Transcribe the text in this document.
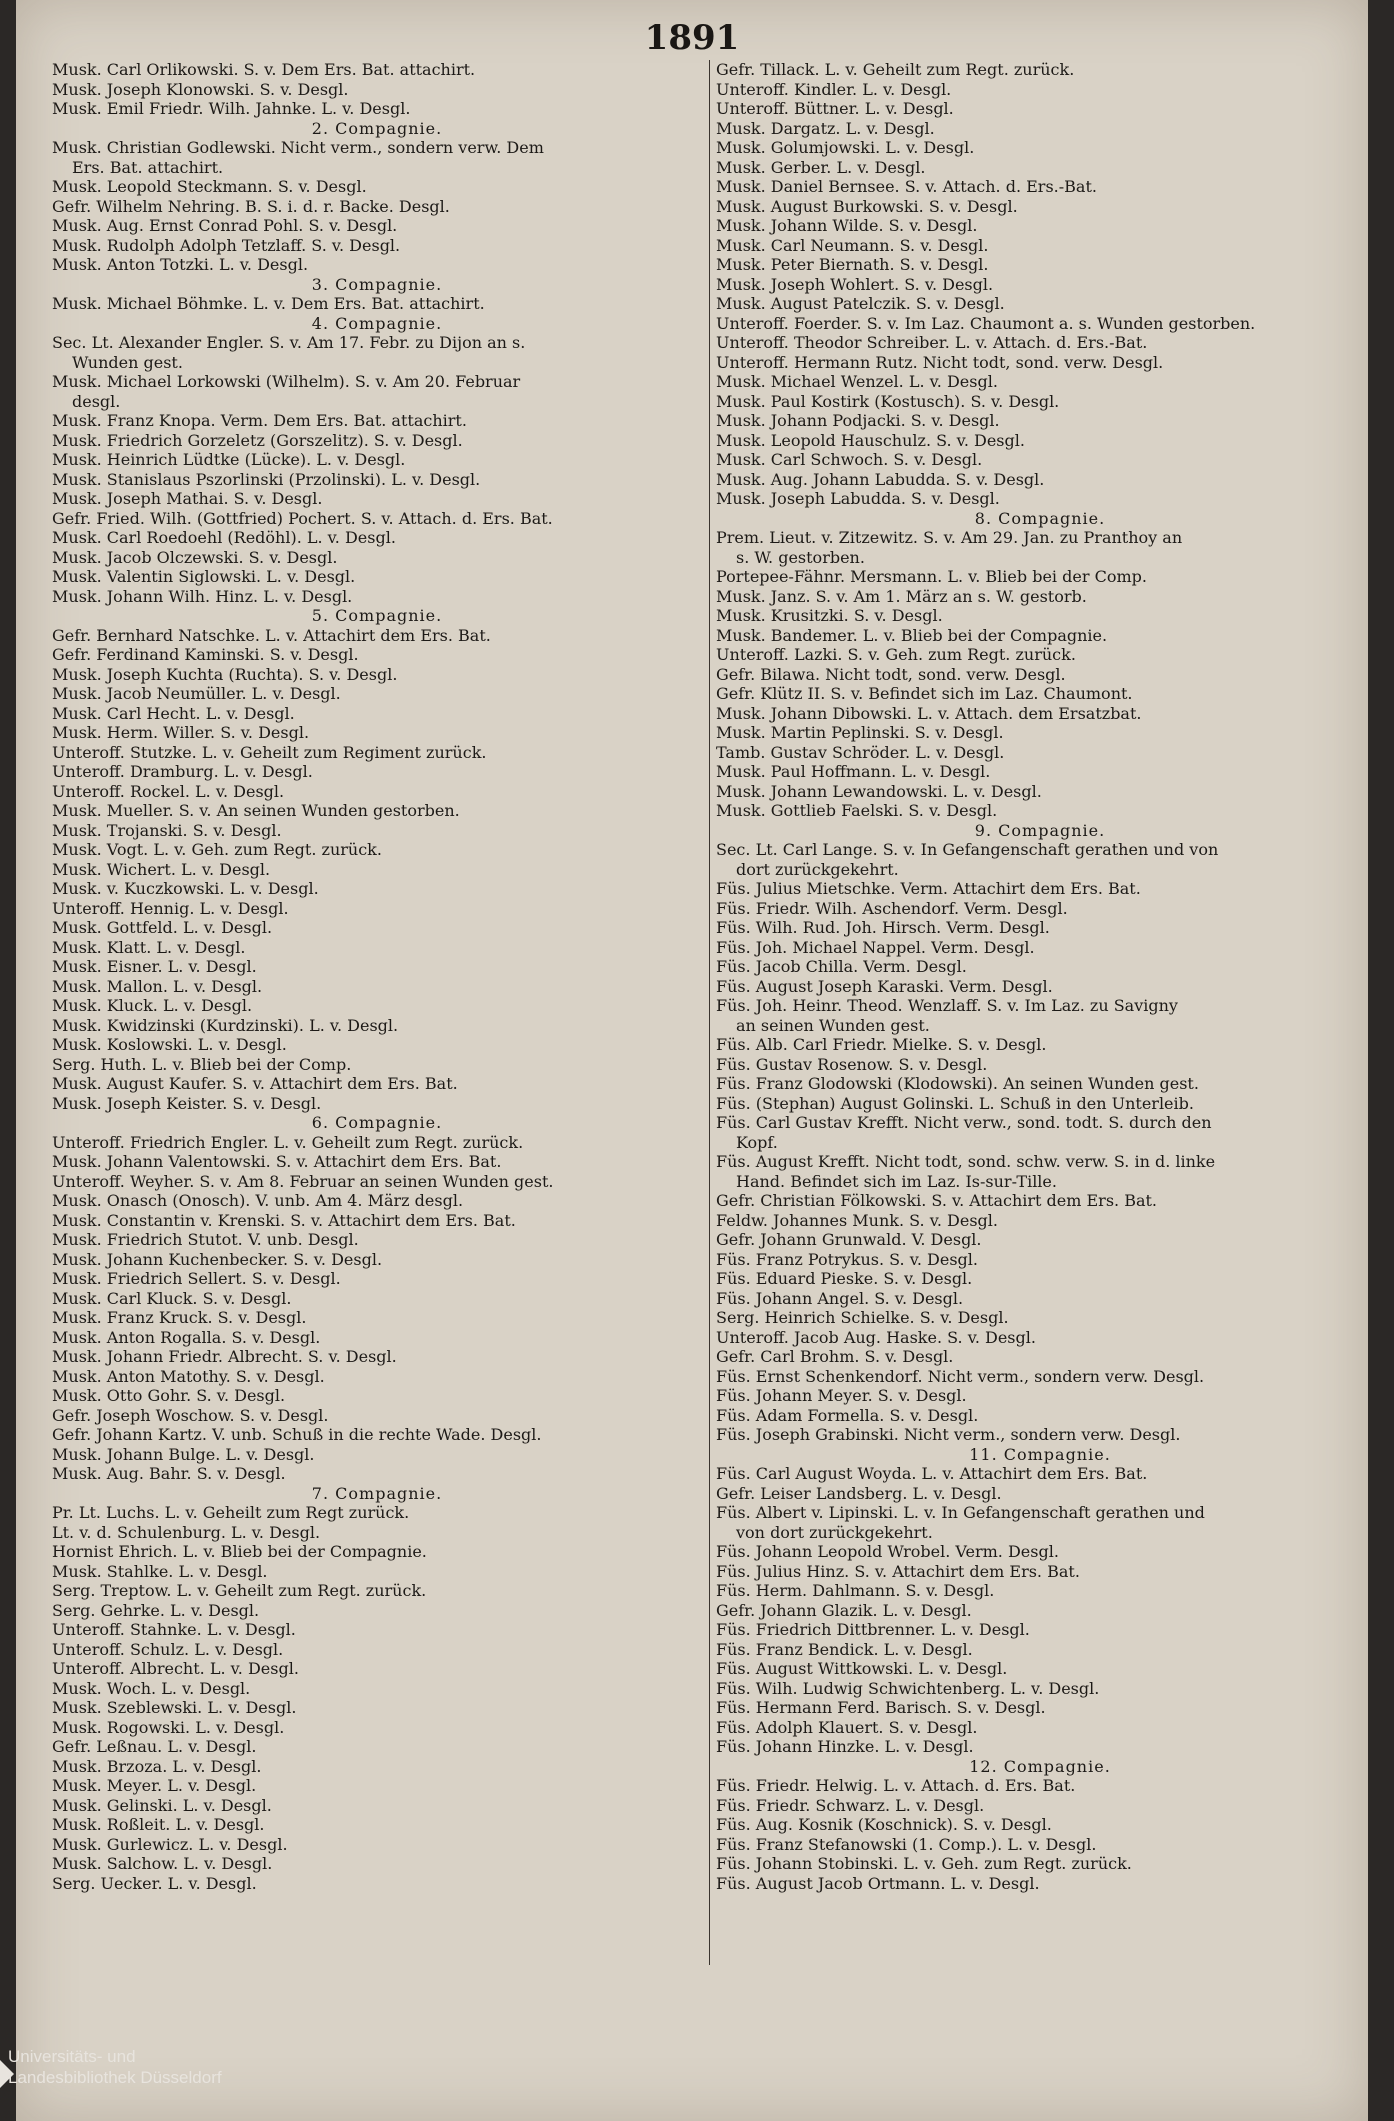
1891
Musk. Carl Orlikowski. S. v. Dem Ers. Bat. attachirt.
Musk. Joseph Klonowski. S. v. Desgl.
Musk. Emil Friedr. Wilh. Jahnke. L. v. Desgl.
2. Compagnie.
Musk. Christian Godlewski. Nicht verm., sondern verw. Dem
Ers. Bat. attachirt.
Musk. Leopold Steckmann. S. v. Desgl.
Gefr. Wilhelm Nehring. B. S. i. d. r. Backe. Desgl.
Musk. Aug. Ernst Conrad Pohl. S. v. Desgl.
Musk. Rudolph Adolph Tetzlaff. S. v. Desgl.
Musk. Anton Totzki. L. v. Desgl.
3. Compagnie.
Musk. Michael Böhmke. L. v. Dem Ers. Bat. attachirt.
4. Compagnie.
Sec. Lt. Alexander Engler. S. v. Am 17. Febr. zu Dijon an s.
Wunden gest.
Musk. Michael Lorkowski (Wilhelm). S. v. Am 20. Februar
desgl.
Musk. Franz Knopa. Verm. Dem Ers. Bat. attachirt.
Musk. Friedrich Gorzeletz (Gorszelitz). S. v. Desgl.
Musk. Heinrich Lüdtke (Lücke). L. v. Desgl.
Musk. Stanislaus Pszorlinski (Przolinski). L. v. Desgl.
Musk. Joseph Mathai. S. v. Desgl.
Gefr. Fried. Wilh. (Gottfried) Pochert. S. v. Attach. d. Ers. Bat.
Musk. Carl Roedoehl (Redöhl). L. v. Desgl.
Musk. Jacob Olczewski. S. v. Desgl.
Musk. Valentin Siglowski. L. v. Desgl.
Musk. Johann Wilh. Hinz. L. v. Desgl.
5. Compagnie.
Gefr. Bernhard Natschke. L. v. Attachirt dem Ers. Bat.
Gefr. Ferdinand Kaminski. S. v. Desgl.
Musk. Joseph Kuchta (Ruchta). S. v. Desgl.
Musk. Jacob Neumüller. L. v. Desgl.
Musk. Carl Hecht. L. v. Desgl.
Musk. Herm. Willer. S. v. Desgl.
Unteroff. Stutzke. L. v. Geheilt zum Regiment zurück.
Unteroff. Dramburg. L. v. Desgl.
Unteroff. Rockel. L. v. Desgl.
Musk. Mueller. S. v. An seinen Wunden gestorben.
Musk. Trojanski. S. v. Desgl.
Musk. Vogt. L. v. Geh. zum Regt. zurück.
Musk. Wichert. L. v. Desgl.
Musk. v. Kuczkowski. L. v. Desgl.
Unteroff. Hennig. L. v. Desgl.
Musk. Gottfeld. L. v. Desgl.
Musk. Klatt. L. v. Desgl.
Musk. Eisner. L. v. Desgl.
Musk. Mallon. L. v. Desgl.
Musk. Kluck. L. v. Desgl.
Musk. Kwidzinski (Kurdzinski). L. v. Desgl.
Musk. Koslowski. L. v. Desgl.
Serg. Huth. L. v. Blieb bei der Comp.
Musk. August Kaufer. S. v. Attachirt dem Ers. Bat.
Musk. Joseph Keister. S. v. Desgl.
6. Compagnie.
Unteroff. Friedrich Engler. L. v. Geheilt zum Regt. zurück.
Musk. Johann Valentowski. S. v. Attachirt dem Ers. Bat.
Unteroff. Weyher. S. v. Am 8. Februar an seinen Wunden gest.
Musk. Onasch (Onosch). V. unb. Am 4. März desgl.
Musk. Constantin v. Krenski. S. v. Attachirt dem Ers. Bat.
Musk. Friedrich Stutot. V. unb. Desgl.
Musk. Johann Kuchenbecker. S. v. Desgl.
Musk. Friedrich Sellert. S. v. Desgl.
Musk. Carl Kluck. S. v. Desgl.
Musk. Franz Kruck. S. v. Desgl.
Musk. Anton Rogalla. S. v. Desgl.
Musk. Johann Friedr. Albrecht. S. v. Desgl.
Musk. Anton Matothy. S. v. Desgl.
Musk. Otto Gohr. S. v. Desgl.
Gefr. Joseph Woschow. S. v. Desgl.
Gefr. Johann Kartz. V. unb. Schuß in die rechte Wade. Desgl.
Musk. Johann Bulge. L. v. Desgl.
Musk. Aug. Bahr. S. v. Desgl.
7. Compagnie.
Pr. Lt. Luchs. L. v. Geheilt zum Regt zurück.
Lt. v. d. Schulenburg. L. v. Desgl.
Hornist Ehrich. L. v. Blieb bei der Compagnie.
Musk. Stahlke. L. v. Desgl.
Serg. Treptow. L. v. Geheilt zum Regt. zurück.
Serg. Gehrke. L. v. Desgl.
Unteroff. Stahnke. L. v. Desgl.
Unteroff. Schulz. L. v. Desgl.
Unteroff. Albrecht. L. v. Desgl.
Musk. Woch. L. v. Desgl.
Musk. Szeblewski. L. v. Desgl.
Musk. Rogowski. L. v. Desgl.
Gefr. Leßnau. L. v. Desgl.
Musk. Brzoza. L. v. Desgl.
Musk. Meyer. L. v. Desgl.
Musk. Gelinski. L. v. Desgl.
Musk. Roßleit. L. v. Desgl.
Musk. Gurlewicz. L. v. Desgl.
Musk. Salchow. L. v. Desgl.
Serg. Uecker. L. v. Desgl.
Gefr. Tillack. L. v. Geheilt zum Regt. zurück.
Unteroff. Kindler. L. v. Desgl.
Unteroff. Büttner. L. v. Desgl.
Musk. Dargatz. L. v. Desgl.
Musk. Golumjowski. L. v. Desgl.
Musk. Gerber. L. v. Desgl.
Musk. Daniel Bernsee. S. v. Attach. d. Ers.-Bat.
Musk. August Burkowski. S. v. Desgl.
Musk. Johann Wilde. S. v. Desgl.
Musk. Carl Neumann. S. v. Desgl.
Musk. Peter Biernath. S. v. Desgl.
Musk. Joseph Wohlert. S. v. Desgl.
Musk. August Patelczik. S. v. Desgl.
Unteroff. Foerder. S. v. Im Laz. Chaumont a. s. Wunden gestorben.
Unteroff. Theodor Schreiber. L. v. Attach. d. Ers.-Bat.
Unteroff. Hermann Rutz. Nicht todt, sond. verw. Desgl.
Musk. Michael Wenzel. L. v. Desgl.
Musk. Paul Kostirk (Kostusch). S. v. Desgl.
Musk. Johann Podjacki. S. v. Desgl.
Musk. Leopold Hauschulz. S. v. Desgl.
Musk. Carl Schwoch. S. v. Desgl.
Musk. Aug. Johann Labudda. S. v. Desgl.
Musk. Joseph Labudda. S. v. Desgl.
8. Compagnie.
Prem. Lieut. v. Zitzewitz. S. v. Am 29. Jan. zu Pranthoy an
s. W. gestorben.
Portepee-Fähnr. Mersmann. L. v. Blieb bei der Comp.
Musk. Janz. S. v. Am 1. März an s. W. gestorb.
Musk. Krusitzki. S. v. Desgl.
Musk. Bandemer. L. v. Blieb bei der Compagnie.
Unteroff. Lazki. S. v. Geh. zum Regt. zurück.
Gefr. Bilawa. Nicht todt, sond. verw. Desgl.
Gefr. Klütz II. S. v. Befindet sich im Laz. Chaumont.
Musk. Johann Dibowski. L. v. Attach. dem Ersatzbat.
Musk. Martin Peplinski. S. v. Desgl.
Tamb. Gustav Schröder. L. v. Desgl.
Musk. Paul Hoffmann. L. v. Desgl.
Musk. Johann Lewandowski. L. v. Desgl.
Musk. Gottlieb Faelski. S. v. Desgl.
9. Compagnie.
Sec. Lt. Carl Lange. S. v. In Gefangenschaft gerathen und von
dort zurückgekehrt.
Füs. Julius Mietschke. Verm. Attachirt dem Ers. Bat.
Füs. Friedr. Wilh. Aschendorf. Verm. Desgl.
Füs. Wilh. Rud. Joh. Hirsch. Verm. Desgl.
Füs. Joh. Michael Nappel. Verm. Desgl.
Füs. Jacob Chilla. Verm. Desgl.
Füs. August Joseph Karaski. Verm. Desgl.
Füs. Joh. Heinr. Theod. Wenzlaff. S. v. Im Laz. zu Savigny
an seinen Wunden gest.
Füs. Alb. Carl Friedr. Mielke. S. v. Desgl.
Füs. Gustav Rosenow. S. v. Desgl.
Füs. Franz Glodowski (Klodowski). An seinen Wunden gest.
Füs. (Stephan) August Golinski. L. Schuß in den Unterleib.
Füs. Carl Gustav Krefft. Nicht verw., sond. todt. S. durch den
Kopf.
Füs. August Krefft. Nicht todt, sond. schw. verw. S. in d. linke
Hand. Befindet sich im Laz. Is-sur-Tille.
Gefr. Christian Fölkowski. S. v. Attachirt dem Ers. Bat.
Feldw. Johannes Munk. S. v. Desgl.
Gefr. Johann Grunwald. V. Desgl.
Füs. Franz Potrykus. S. v. Desgl.
Füs. Eduard Pieske. S. v. Desgl.
Füs. Johann Angel. S. v. Desgl.
Serg. Heinrich Schielke. S. v. Desgl.
Unteroff. Jacob Aug. Haske. S. v. Desgl.
Gefr. Carl Brohm. S. v. Desgl.
Füs. Ernst Schenkendorf. Nicht verm., sondern verw. Desgl.
Füs. Johann Meyer. S. v. Desgl.
Füs. Adam Formella. S. v. Desgl.
Füs. Joseph Grabinski. Nicht verm., sondern verw. Desgl.
11. Compagnie.
Füs. Carl August Woyda. L. v. Attachirt dem Ers. Bat.
Gefr. Leiser Landsberg. L. v. Desgl.
Füs. Albert v. Lipinski. L. v. In Gefangenschaft gerathen und
von dort zurückgekehrt.
Füs. Johann Leopold Wrobel. Verm. Desgl.
Füs. Julius Hinz. S. v. Attachirt dem Ers. Bat.
Füs. Herm. Dahlmann. S. v. Desgl.
Gefr. Johann Glazik. L. v. Desgl.
Füs. Friedrich Dittbrenner. L. v. Desgl.
Füs. Franz Bendick. L. v. Desgl.
Füs. August Wittkowski. L. v. Desgl.
Füs. Wilh. Ludwig Schwichtenberg. L. v. Desgl.
Füs. Hermann Ferd. Barisch. S. v. Desgl.
Füs. Adolph Klauert. S. v. Desgl.
Füs. Johann Hinzke. L. v. Desgl.
12. Compagnie.
Füs. Friedr. Helwig. L. v. Attach. d. Ers. Bat.
Füs. Friedr. Schwarz. L. v. Desgl.
Füs. Aug. Kosnik (Koschnick). S. v. Desgl.
Füs. Franz Stefanowski (1. Comp.). L. v. Desgl.
Füs. Johann Stobinski. L. v. Geh. zum Regt. zurück.
Füs. August Jacob Ortmann. L. v. Desgl.
Universitäts- und
Landesbibliothek Düsseldorf
